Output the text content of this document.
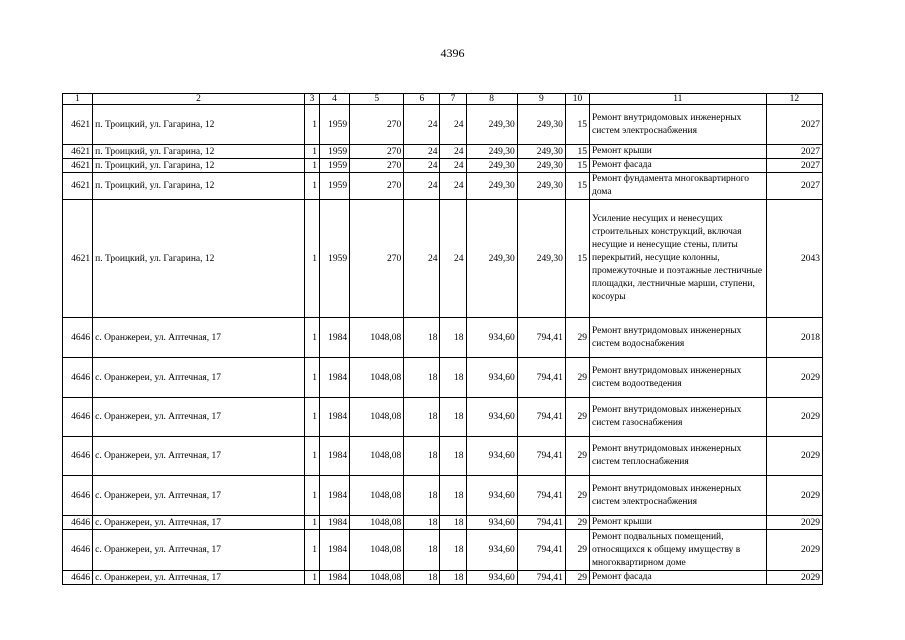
4396
1	2	3	4	5	6	7	8	9	10	11	12
4621	п. Троицкий, ул. Гагарина, 12	1	1959	270	24	24	249,30	249,30	15	Ремонт внутридомовых инженерных систем электроснабжения	2027
4621	п. Троицкий, ул. Гагарина, 12	1	1959	270	24	24	249,30	249,30	15	Ремонт крыши	2027
4621	п. Троицкий, ул. Гагарина, 12	1	1959	270	24	24	249,30	249,30	15	Ремонт фасада	2027
4621	п. Троицкий, ул. Гагарина, 12	1	1959	270	24	24	249,30	249,30	15	Ремонт фундамента многоквартирного дома	2027
4621	п. Троицкий, ул. Гагарина, 12	1	1959	270	24	24	249,30	249,30	15	Усиление несущих и ненесущих строительных конструкций, включая несущие и ненесущие стены, плиты перекрытий, несущие колонны, промежуточные и поэтажные лестничные площадки, лестничные марши, ступени, косоуры	2043
4646	с. Оранжереи, ул. Аптечная, 17	1	1984	1048,08	18	18	934,60	794,41	29	Ремонт внутридомовых инженерных систем водоснабжения	2018
4646	с. Оранжереи, ул. Аптечная, 17	1	1984	1048,08	18	18	934,60	794,41	29	Ремонт внутридомовых инженерных систем водоотведения	2029
4646	с. Оранжереи, ул. Аптечная, 17	1	1984	1048,08	18	18	934,60	794,41	29	Ремонт внутридомовых инженерных систем газоснабжения	2029
4646	с. Оранжереи, ул. Аптечная, 17	1	1984	1048,08	18	18	934,60	794,41	29	Ремонт внутридомовых инженерных систем теплоснабжения	2029
4646	с. Оранжереи, ул. Аптечная, 17	1	1984	1048,08	18	18	934,60	794,41	29	Ремонт внутридомовых инженерных систем электроснабжения	2029
4646	с. Оранжереи, ул. Аптечная, 17	1	1984	1048,08	18	18	934,60	794,41	29	Ремонт крыши	2029
4646	с. Оранжереи, ул. Аптечная, 17	1	1984	1048,08	18	18	934,60	794,41	29	Ремонт подвальных помещений, относящихся к общему имуществу в многоквартирном доме	2029
4646	с. Оранжереи, ул. Аптечная, 17	1	1984	1048,08	18	18	934,60	794,41	29	Ремонт фасада	2029
